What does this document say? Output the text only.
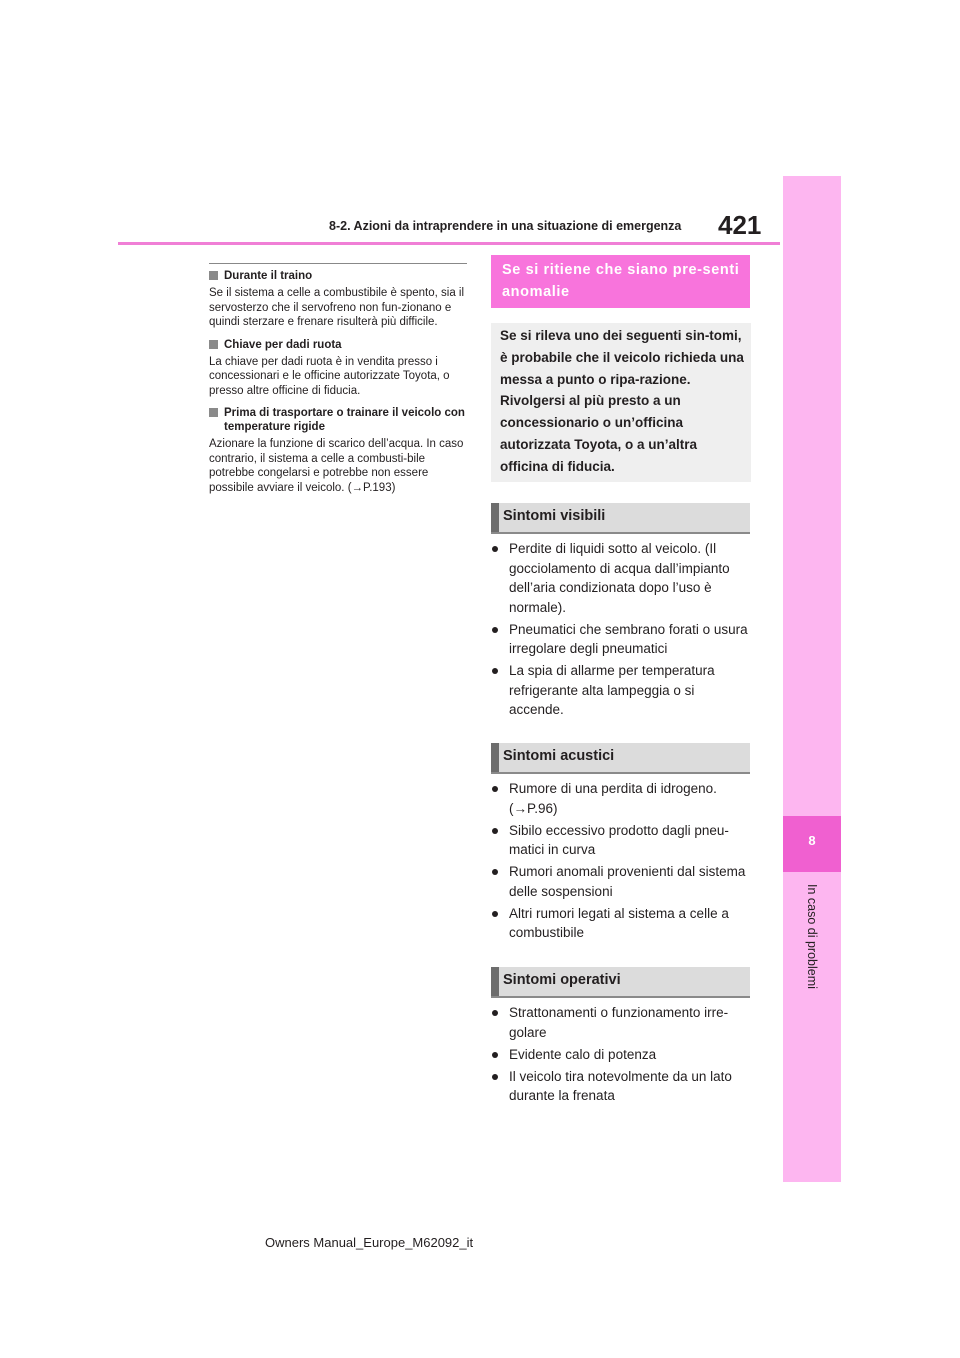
8-2. Azioni da intraprendere in una situazione di emergenza 421
8
In caso di problemi
Durante il traino
Se il sistema a celle a combustibile è spento, sia il servosterzo che il servofreno non fun-zionano e quindi sterzare e frenare risulterà più difficile.
Chiave per dadi ruota
La chiave per dadi ruota è in vendita presso i concessionari e le officine autorizzate Toyota, o presso altre officine di fiducia.
Prima di trasportare o trainare il veicolo con temperature rigide
Azionare la funzione di scarico dell’acqua. In caso contrario, il sistema a celle a combusti-bile potrebbe congelarsi e potrebbe non essere possibile avviare il veicolo. (→P.193)
Se si ritiene che siano pre-senti anomalie
Se si rileva uno dei seguenti sin-tomi, è probabile che il veicolo richieda una messa a punto o ripa-razione. Rivolgersi al più presto a un concessionario o un’officina autorizzata Toyota, o a un’altra officina di fiducia.
Sintomi visibili
Perdite di liquidi sotto al veicolo. (Il gocciolamento di acqua dall’impianto dell’aria condizionata dopo l’uso è normale).
Pneumatici che sembrano forati o usura irregolare degli pneumatici
La spia di allarme per temperatura refrigerante alta lampeggia o si accende.
Sintomi acustici
Rumore di una perdita di idrogeno. (→P.96)
Sibilo eccessivo prodotto dagli pneu-matici in curva
Rumori anomali provenienti dal sistema delle sospensioni
Altri rumori legati al sistema a celle a combustibile
Sintomi operativi
Strattonamenti o funzionamento irre-golare
Evidente calo di potenza
Il veicolo tira notevolmente da un lato durante la frenata
Owners Manual_Europe_M62092_it
